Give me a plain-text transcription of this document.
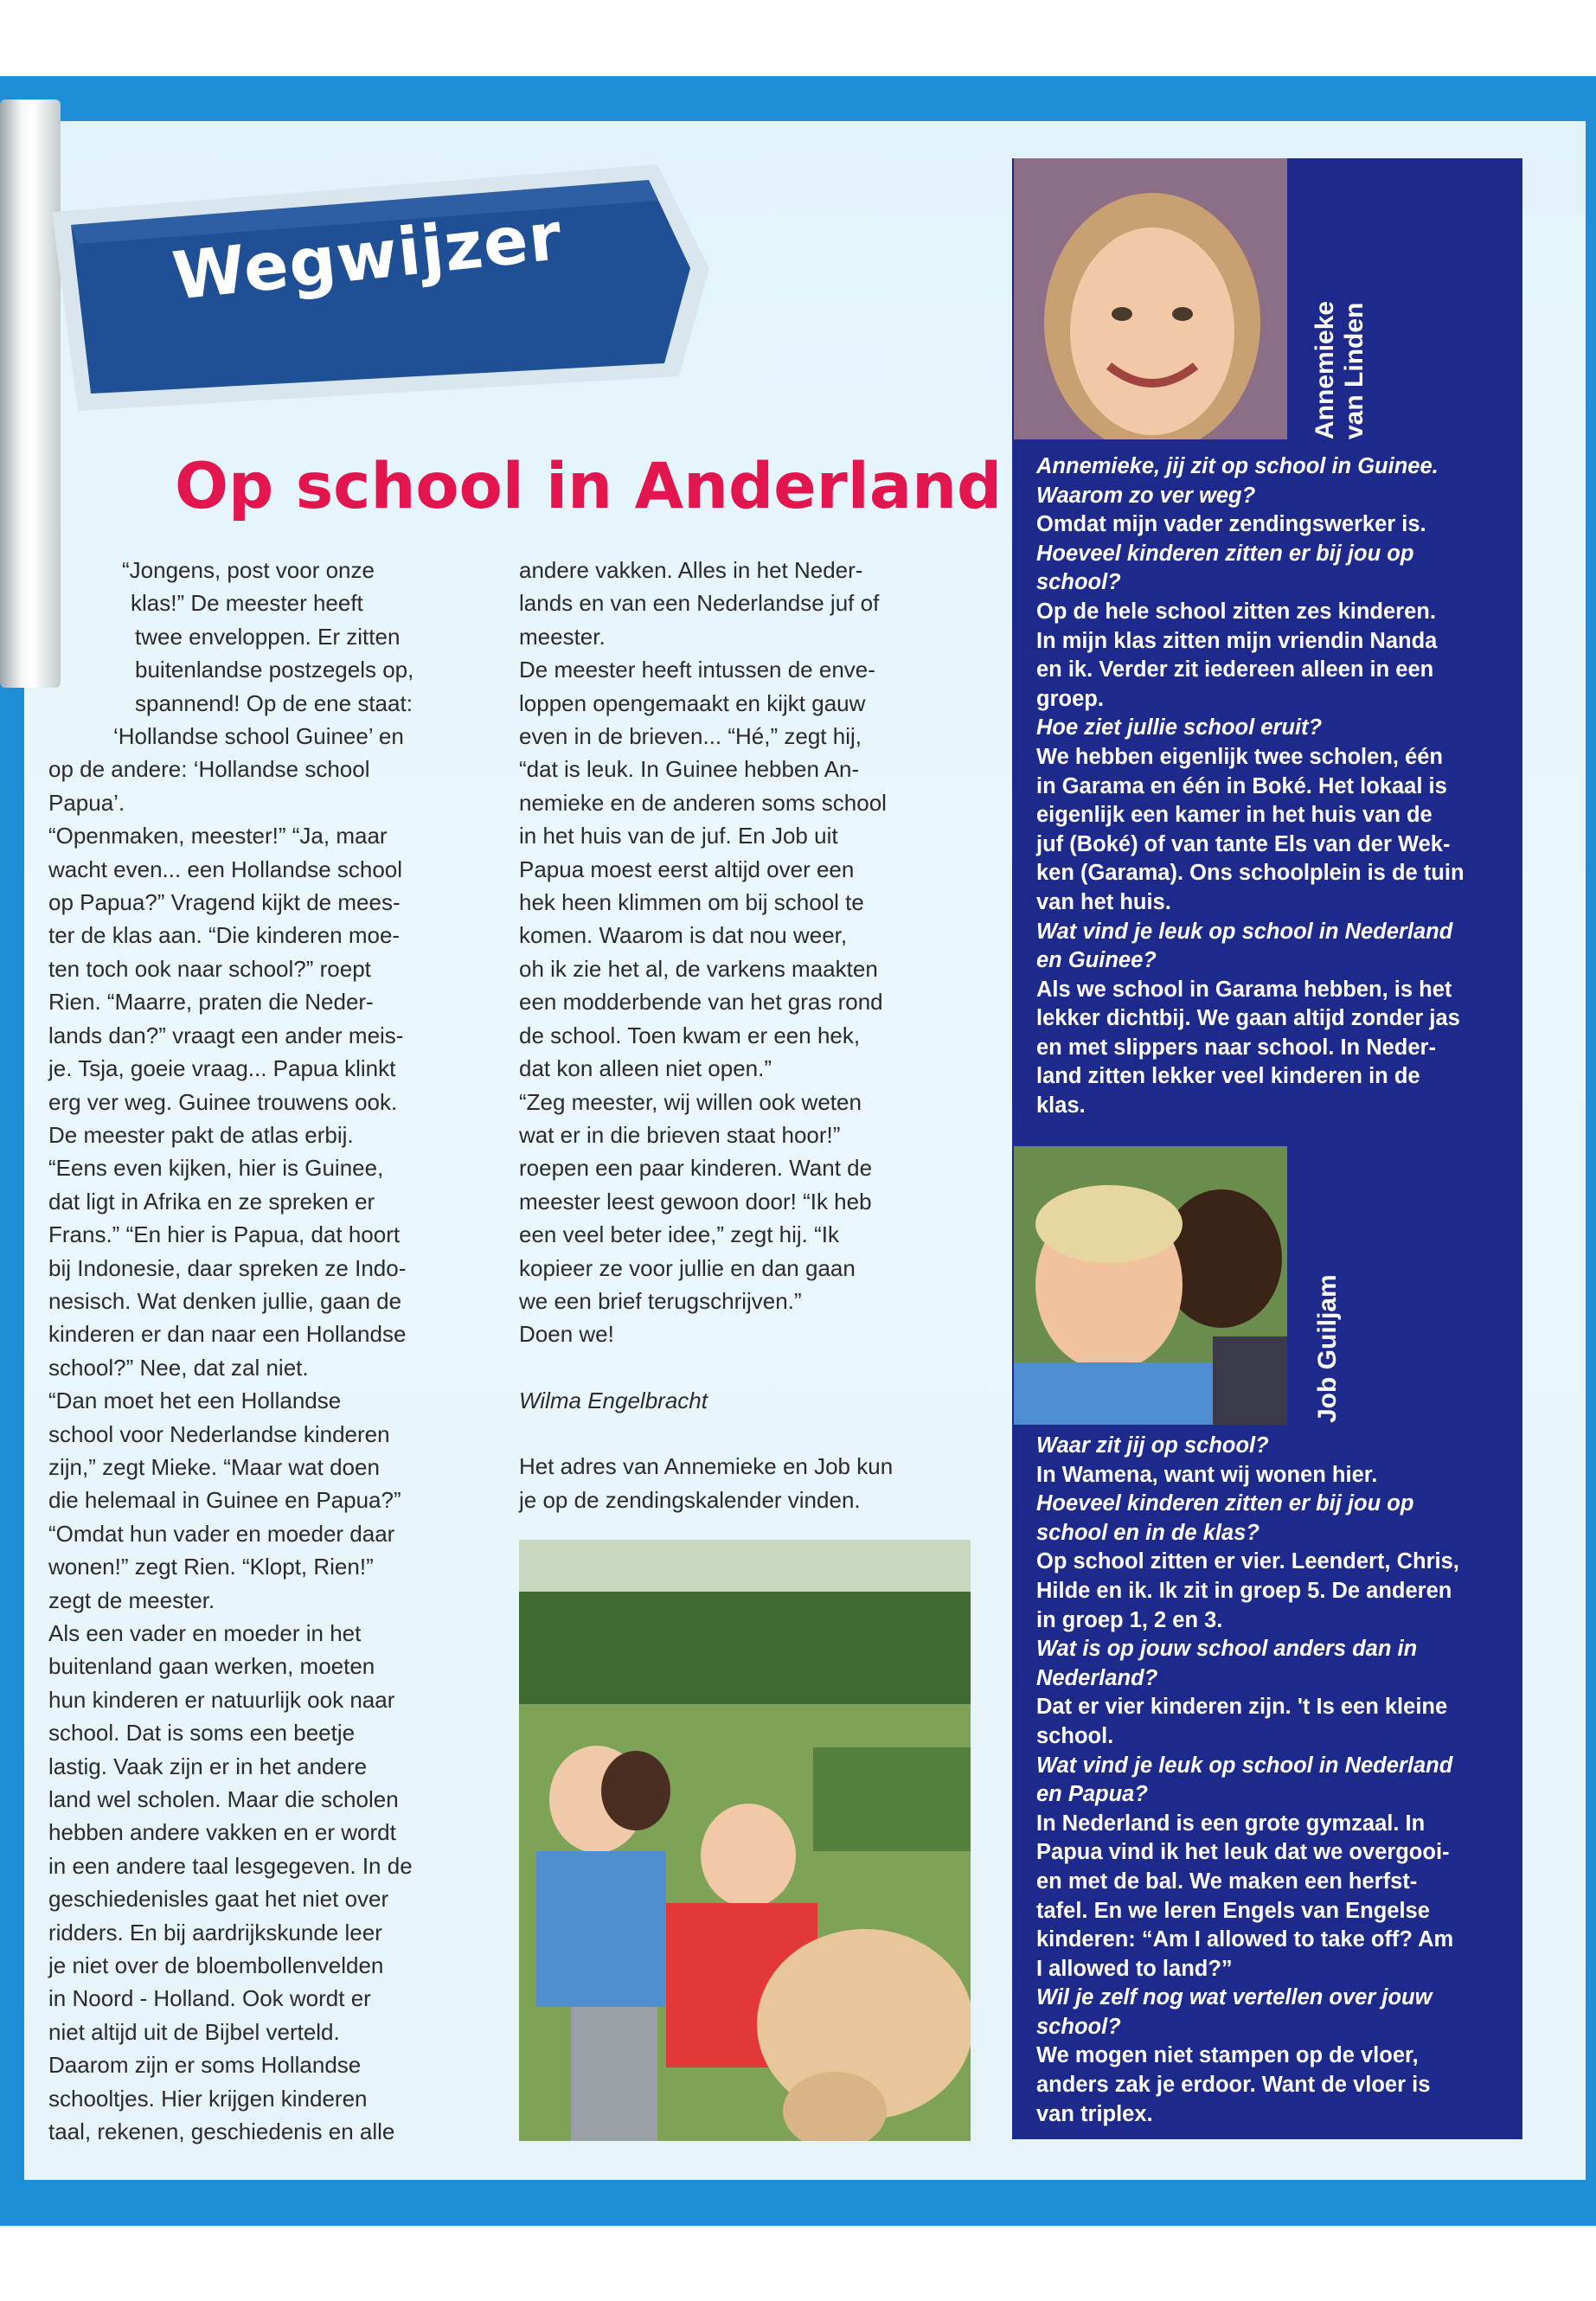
Wegwijzer
Op school in Anderland

“Jongens, post voor onze

klas!” De meester heeft

twee enveloppen. Er zitten

buitenlandse postzegels op,

spannend! Op de ene staat:

‘Hollandse school Guinee’ en

op de andere: ‘Hollandse school

Papua’.

“Openmaken, meester!” “Ja, maar

wacht even... een Hollandse school

op Papua?” Vragend kijkt de mees-

ter de klas aan. “Die kinderen moe-

ten toch ook naar school?” roept

Rien. “Maarre, praten die Neder-

lands dan?” vraagt een ander meis-

je. Tsja, goeie vraag... Papua klinkt

erg ver weg. Guinee trouwens ook.

De meester pakt de atlas erbij.

“Eens even kijken, hier is Guinee,

dat ligt in Afrika en ze spreken er

Frans.” “En hier is Papua, dat hoort

bij Indonesie, daar spreken ze Indo-

nesisch. Wat denken jullie, gaan de

kinderen er dan naar een Hollandse

school?” Nee, dat zal niet.

“Dan moet het een Hollandse

school voor Nederlandse kinderen

zijn,” zegt Mieke. “Maar wat doen

die helemaal in Guinee en Papua?”

“Omdat hun vader en moeder daar

wonen!” zegt Rien. “Klopt, Rien!”

zegt de meester.

Als een vader en moeder in het

buitenland gaan werken, moeten

hun kinderen er natuurlijk ook naar

school. Dat is soms een beetje

lastig. Vaak zijn er in het andere

land wel scholen. Maar die scholen

hebben andere vakken en er wordt

in een andere taal lesgegeven. In de

geschiedenisles gaat het niet over

ridders. En bij aardrijkskunde leer

je niet over de bloembollenvelden

in Noord - Holland. Ook wordt er

niet altijd uit de Bijbel verteld.

Daarom zijn er soms Hollandse

schooltjes. Hier krijgen kinderen

taal, rekenen, geschiedenis en alle

andere vakken. Alles in het Neder-

lands en van een Nederlandse juf of

meester.

De meester heeft intussen de enve-

loppen opengemaakt en kijkt gauw

even in de brieven... “Hé,” zegt hij,

“dat is leuk. In Guinee hebben An-

nemieke en de anderen soms school

in het huis van de juf. En Job uit

Papua moest eerst altijd over een

hek heen klimmen om bij school te

komen. Waarom is dat nou weer,

oh ik zie het al, de varkens maakten

een modderbende van het gras rond

de school. Toen kwam er een hek,

dat kon alleen niet open.”

“Zeg meester, wij willen ook weten

wat er in die brieven staat hoor!”

roepen een paar kinderen. Want de

meester leest gewoon door! “Ik heb

een veel beter idee,” zegt hij. “Ik

kopieer ze voor jullie en dan gaan

we een brief terugschrijven.”

Doen we!

Wilma Engelbracht

Het adres van Annemieke en Job kun

je op de zendingskalender vinden.

Annemieke van Linden

Annemieke, jij zit op school in Guinee.

Waarom zo ver weg?

Omdat mijn vader zendingswerker is.

Hoeveel kinderen zitten er bij jou op

school?

Op de hele school zitten zes kinderen.

In mijn klas zitten mijn vriendin Nanda

en ik. Verder zit iedereen alleen in een

groep.

Hoe ziet jullie school eruit?

We hebben eigenlijk twee scholen, één

in Garama en één in Boké. Het lokaal is

eigenlijk een kamer in het huis van de

juf (Boké) of van tante Els van der Wek-

ken (Garama). Ons schoolplein is de tuin

van het huis.

Wat vind je leuk op school in Nederland

en Guinee?

Als we school in Garama hebben, is het

lekker dichtbij. We gaan altijd zonder jas

en met slippers naar school. In Neder-

land zitten lekker veel kinderen in de

klas.

Job Guiljam

Waar zit jij op school?

In Wamena, want wij wonen hier.

Hoeveel kinderen zitten er bij jou op

school en in de klas?

Op school zitten er vier. Leendert, Chris,

Hilde en ik. Ik zit in groep 5. De anderen

in groep 1, 2 en 3.

Wat is op jouw school anders dan in

Nederland?

Dat er vier kinderen zijn. 't Is een kleine

school.

Wat vind je leuk op school in Nederland

en Papua?

In Nederland is een grote gymzaal. In

Papua vind ik het leuk dat we overgooi-

en met de bal. We maken een herfst-

tafel. En we leren Engels van Engelse

kinderen: “Am I allowed to take off? Am

I allowed to land?”

Wil je zelf nog wat vertellen over jouw

school?

We mogen niet stampen op de vloer,

anders zak je erdoor. Want de vloer is

van triplex.
